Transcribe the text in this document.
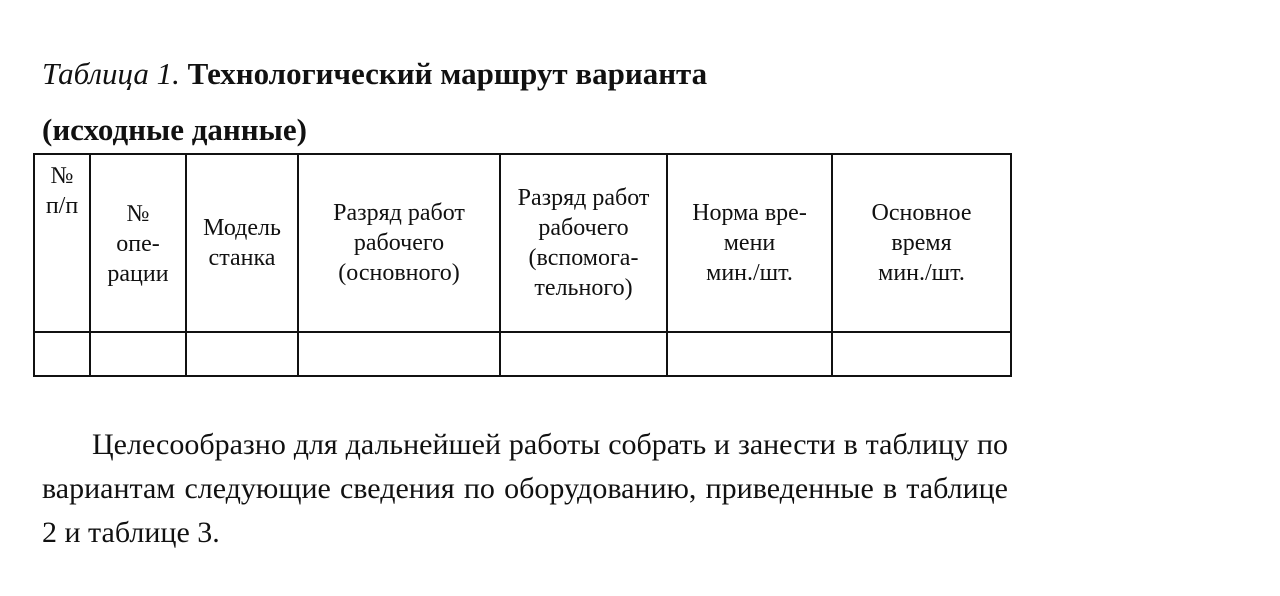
Таблица 1. Технологический маршрут варианта
(исходные данные)
№
п/п	№
опе-
рации	Модель
станка	Разряд работ
рабочего
(основного)	Разряд работ
рабочего
(вспомога-
тельного)	Норма вре-
мени
мин./шт.	Основное
время
мин./шт.

Целесообразно для дальнейшей работы собрать и занести в таблицу по вариантам следующие сведения по оборудованию, приведенные в таблице 2 и таблице 3.
